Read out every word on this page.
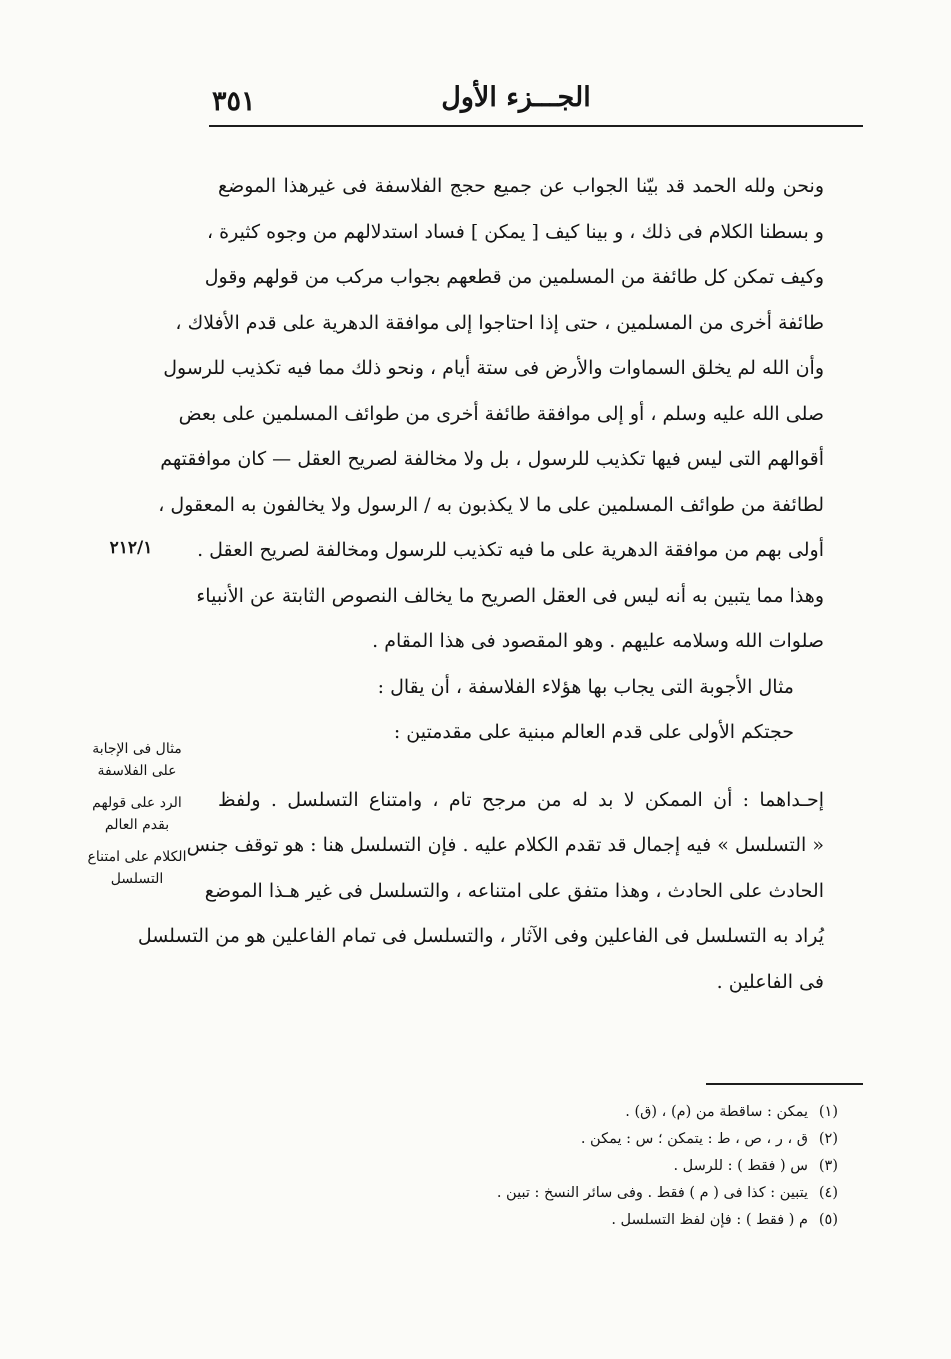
٣٥١	الجـــزء الأول
٢١٢/١
مثال فى الإجابة على الفلاسفة
الرد على قولهم بقدم العالم
الكلام على امتناع التسلسل
ونحن ولله الحمد قد بيّنا الجواب عن جميع حجج الفلاسفة فى غيرهذا الموضع
و بسطنا الكلام فى ذلك ، و بينا كيف [ يمكن ] فساد استدلالهم من وجوه كثيرة ،
وكيف تمكن كل طائفة من المسلمين من قطعهم بجواب مركب من قولهم وقول
طائفة أخرى من المسلمين ، حتى إذا احتاجوا إلى موافقة الدهرية على قدم الأفلاك ،
وأن الله لم يخلق السماوات والأرض فى ستة أيام ، ونحو ذلك مما فيه تكذيب للرسول
صلى الله عليه وسلم ، أو إلى موافقة طائفة أخرى من طوائف المسلمين على بعض
أقوالهم التى ليس فيها تكذيب للرسول ، بل ولا مخالفة لصريح العقل — كان موافقتهم
لطائفة من طوائف المسلمين على ما لا يكذبون به / الرسول ولا يخالفون به المعقول ،
أولى بهم من موافقة الدهرية على ما فيه تكذيب للرسول ومخالفة لصريح العقل .
وهذا مما يتبين به أنه ليس فى العقل الصريح ما يخالف النصوص الثابتة عن الأنبياء
صلوات الله وسلامه عليهم . وهو المقصود فى هذا المقام .
مثال الأجوبة التى يجاب بها هؤلاء الفلاسفة ، أن يقال :
حجتكم الأولى على قدم العالم مبنية على مقدمتين :
إحـداهما : أن الممكن لا بد له من مرجح تام ، وامتناع التسلسل . ولفظ
« التسلسل » فيه إجمال قد تقدم الكلام عليه . فإن التسلسل هنا : هو توقف جنس
الحادث على الحادث ، وهذا متفق على امتناعه ، والتسلسل فى غير هـذا الموضع
يُراد به التسلسل فى الفاعلين وفى الآثار ، والتسلسل فى تمام الفاعلين هو من التسلسل
فى الفاعلين .
(١)يمكن : ساقطة من (م) ، (ق) .
(٢)ق ، ر ، ص ، ط : يتمكن ؛ س : يمكن .
(٣)س ( فقط ) : للرسل .
(٤)يتبين : كذا فى ( م ) فقط . وفى سائر النسخ : تبين .
(٥)م ( فقط ) : فإن لفظ التسلسل .
